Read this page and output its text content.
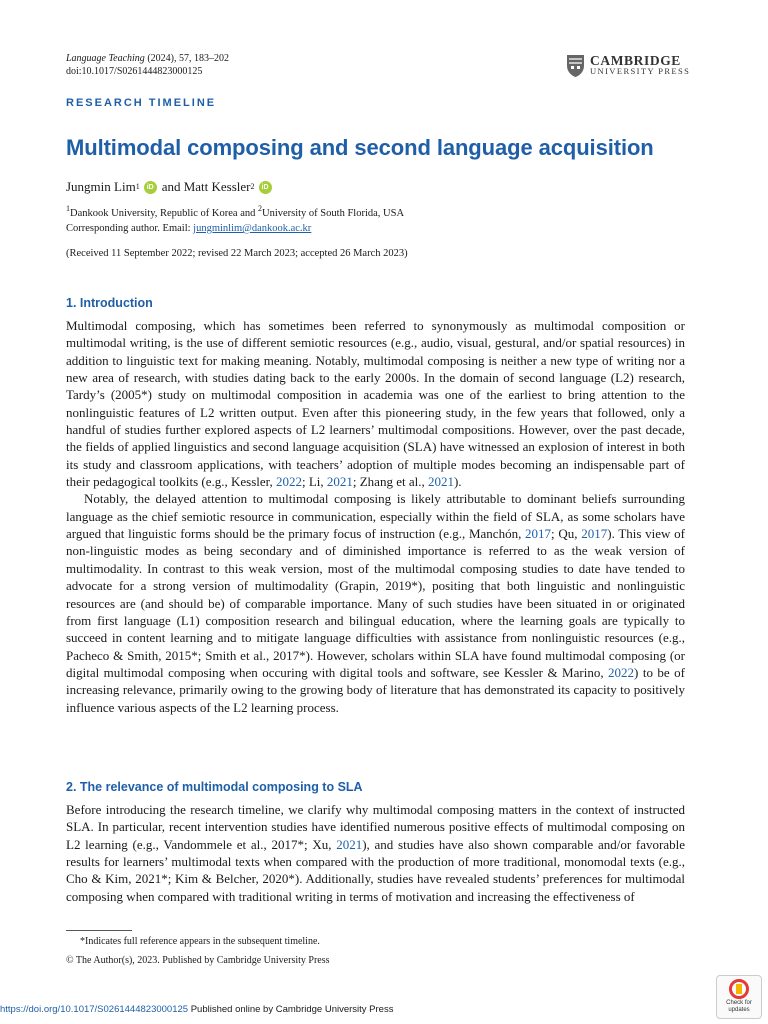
Language Teaching (2024), 57, 183–202
doi:10.1017/S0261444823000125
CAMBRIDGE
UNIVERSITY PRESS
RESEARCH TIMELINE
Multimodal composing and second language acquisition
Jungmin Lim 1	iD and Matt Kessler 2	iD
$^1$Dankook University, Republic of Korea and $^2$University of South Florida, USA
Corresponding author. Email: jungminlim@dankook.ac.kr
(Received 11 September 2022; revised 22 March 2023; accepted 26 March 2023)
1. Introduction

Multimodal composing, which has sometimes been referred to synonymously as multimodal composition or multimodal writing, is the use of different semiotic resources (e.g., audio, visual, gestural, and/or spatial resources) in addition to linguistic text for making meaning. Notably, multimodal composing is neither a new type of writing nor a new area of research, with studies dating back to the early 2000s. In the domain of second language (L2) research, Tardy’s (2005*) study on multimodal composition in academia was one of the earliest to bring attention to the nonlinguistic features of L2 written output. Even after this pioneering study, in the few years that followed, only a handful of studies further explored aspects of L2 learners’ multimodal compositions. However, over the past decade, the fields of applied linguistics and second language acquisition (SLA) have witnessed an explosion of interest in both its study and classroom applications, with teachers’ adoption of multiple modes becoming an indispensable part of their pedagogical toolkits (e.g., Kessler, 2022; Li, 2021; Zhang et al., 2021).

Notably, the delayed attention to multimodal composing is likely attributable to dominant beliefs surrounding language as the chief semiotic resource in communication, especially within the field of SLA, as some scholars have argued that linguistic forms should be the primary focus of instruction (e.g., Manchón, 2017; Qu, 2017). This view of non-linguistic modes as being secondary and of diminished importance is referred to as the weak version of multimodality. In contrast to this weak version, most of the multimodal composing studies to date have tended to advocate for a strong version of multimodality (Grapin, 2019*), positing that both linguistic and nonlinguistic resources are (and should be) of comparable importance. Many of such studies have been situated in or originated from first language (L1) composition research and bilingual education, where the learning goals are typically to succeed in content learning and to mitigate language difficulties with assistance from nonlinguistic resources (e.g., Pacheco & Smith, 2015*; Smith et al., 2017*). However, scholars within SLA have found multimodal composing (or digital multimodal composing when occuring with digital tools and software, see Kessler & Marino, 2022) to be of increasing relevance, primarily owing to the growing body of literature that has demonstrated its capacity to positively influence various aspects of the L2 learning process.

2. The relevance of multimodal composing to SLA

Before introducing the research timeline, we clarify why multimodal composing matters in the context of instructed SLA. In particular, recent intervention studies have identified numerous positive effects of multimodal composing on L2 learning (e.g., Vandommele et al., 2017*; Xu, 2021), and studies have also shown comparable and/or favorable results for learners’ multimodal texts when compared with the production of more traditional, monomodal texts (e.g., Cho & Kim, 2021*; Kim & Belcher, 2020*). Additionally, studies have revealed students’ preferences for multimodal composing when compared with traditional writing in terms of motivation and increasing the effectiveness of

*Indicates full reference appears in the subsequent timeline.
© The Author(s), 2023. Published by Cambridge University Press
https://doi.org/10.1017/S0261444823000125 Published online by Cambridge University Press
Check for
updates
